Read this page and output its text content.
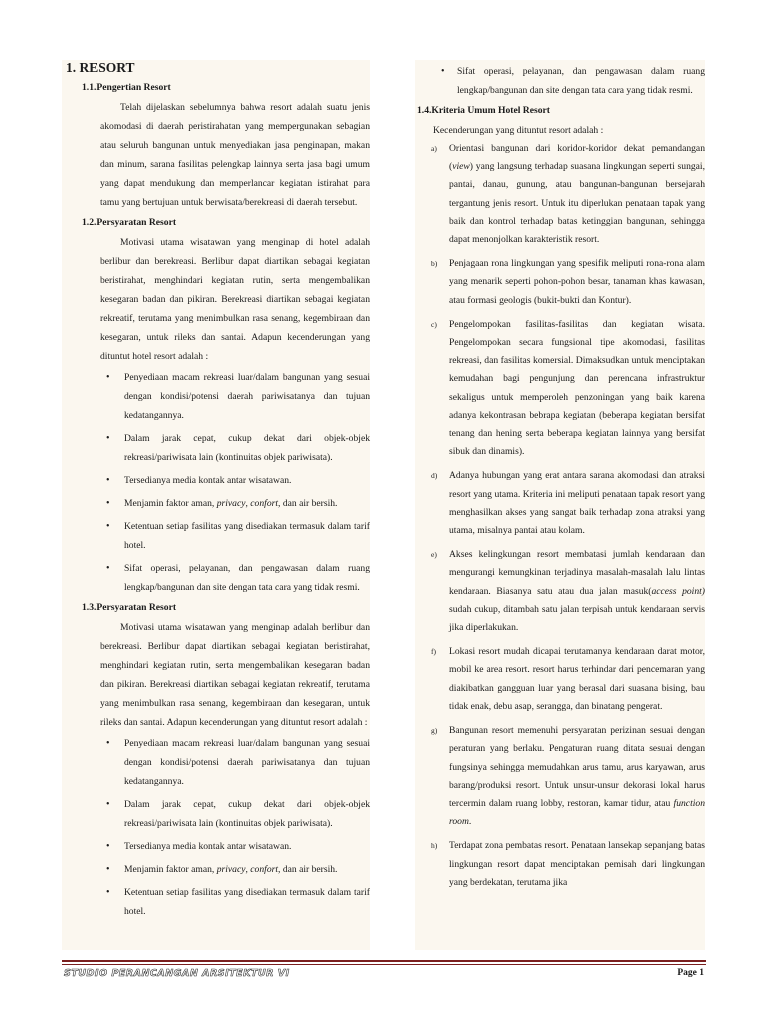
1. RESORT
1.1.Pengertian Resort

Telah dijelaskan sebelumnya bahwa resort adalah suatu jenis akomodasi di daerah peristirahatan yang mempergunakan sebagian atau seluruh bangunan untuk menyediakan jasa penginapan, makan dan minum, sarana fasilitas pelengkap lainnya serta jasa bagi umum yang dapat mendukung dan memperlancar kegiatan istirahat para tamu yang bertujuan untuk berwisata/berekreasi di daerah tersebut.

1.2.Persyaratan Resort

Motivasi utama wisatawan yang menginap di hotel adalah berlibur dan berekreasi. Berlibur dapat diartikan sebagai kegiatan beristirahat, menghindari kegiatan rutin, serta mengembalikan kesegaran badan dan pikiran. Berekreasi diartikan sebagai kegiatan rekreatif, terutama yang menimbulkan rasa senang, kegembiraan dan kesegaran, untuk rileks dan santai. Adapun kecenderungan yang dituntut hotel resort adalah :

• Penyediaan macam rekreasi luar/dalam bangunan yang sesuai dengan kondisi/potensi daerah pariwisatanya dan tujuan kedatangannya.
• Dalam jarak cepat, cukup dekat dari objek-objek rekreasi/pariwisata lain (kontinuitas objek pariwisata).
• Tersedianya media kontak antar wisatawan.
• Menjamin faktor aman, privacy, confort, dan air bersih.
• Ketentuan setiap fasilitas yang disediakan termasuk dalam tarif hotel.
• Sifat operasi, pelayanan, dan pengawasan dalam ruang lengkap/bangunan dan site dengan tata cara yang tidak resmi.
1.3.Persyaratan Resort

Motivasi utama wisatawan yang menginap adalah berlibur dan berekreasi. Berlibur dapat diartikan sebagai kegiatan beristirahat, menghindari kegiatan rutin, serta mengembalikan kesegaran badan dan pikiran. Berekreasi diartikan sebagai kegiatan rekreatif, terutama yang menimbulkan rasa senang, kegembiraan dan kesegaran, untuk rileks dan santai. Adapun kecenderungan yang dituntut resort adalah :

• Penyediaan macam rekreasi luar/dalam bangunan yang sesuai dengan kondisi/potensi daerah pariwisatanya dan tujuan kedatangannya.
• Dalam jarak cepat, cukup dekat dari objek-objek rekreasi/pariwisata lain (kontinuitas objek pariwisata).
• Tersedianya media kontak antar wisatawan.
• Menjamin faktor aman, privacy, confort, dan air bersih.
• Ketentuan setiap fasilitas yang disediakan termasuk dalam tarif hotel.
• Sifat operasi, pelayanan, dan pengawasan dalam ruang lengkap/bangunan dan site dengan tata cara yang tidak resmi.
1.4.Kriteria Umum Hotel Resort

Kecenderungan yang dituntut resort adalah :

a) Orientasi bangunan dari koridor-koridor dekat pemandangan (view) yang langsung terhadap suasana lingkungan seperti sungai, pantai, danau, gunung, atau bangunan-bangunan bersejarah tergantung jenis resort. Untuk itu diperlukan penataan tapak yang baik dan kontrol terhadap batas ketinggian bangunan, sehingga dapat menonjolkan karakteristik resort.
b) Penjagaan rona lingkungan yang spesifik meliputi rona-rona alam yang menarik seperti pohon-pohon besar, tanaman khas kawasan, atau formasi geologis (bukit-bukti dan Kontur).
c) Pengelompokan fasilitas-fasilitas dan kegiatan wisata. Pengelompokan secara fungsional tipe akomodasi, fasilitas rekreasi, dan fasilitas komersial. Dimaksudkan untuk menciptakan kemudahan bagi pengunjung dan perencana infrastruktur sekaligus untuk memperoleh penzoningan yang baik karena adanya kekontrasan bebrapa kegiatan (beberapa kegiatan bersifat tenang dan hening serta beberapa kegiatan lainnya yang bersifat sibuk dan dinamis).
d) Adanya hubungan yang erat antara sarana akomodasi dan atraksi resort yang utama. Kriteria ini meliputi penataan tapak resort yang menghasilkan akses yang sangat baik terhadap zona atraksi yang utama, misalnya pantai atau kolam.
e) Akses kelingkungan resort membatasi jumlah kendaraan dan mengurangi kemungkinan terjadinya masalah-masalah lalu lintas kendaraan. Biasanya satu atau dua jalan masuk(access point) sudah cukup, ditambah satu jalan terpisah untuk kendaraan servis jika diperlakukan.
f) Lokasi resort mudah dicapai terutamanya kendaraan darat motor, mobil ke area resort. resort harus terhindar dari pencemaran yang diakibatkan gangguan luar yang berasal dari suasana bising, bau tidak enak, debu asap, serangga, dan binatang pengerat.
g) Bangunan resort memenuhi persyaratan perizinan sesuai dengan peraturan yang berlaku. Pengaturan ruang ditata sesuai dengan fungsinya sehingga memudahkan arus tamu, arus karyawan, arus barang/produksi resort. Untuk unsur-unsur dekorasi lokal harus tercermin dalam ruang lobby, restoran, kamar tidur, atau function room.
h) Terdapat zona pembatas resort. Penataan lansekap sepanjang batas lingkungan resort dapat menciptakan pemisah dari lingkungan yang berdekatan, terutama jika
STUDIO PERANCANGAN ARSITEKTUR VI	Page 1
